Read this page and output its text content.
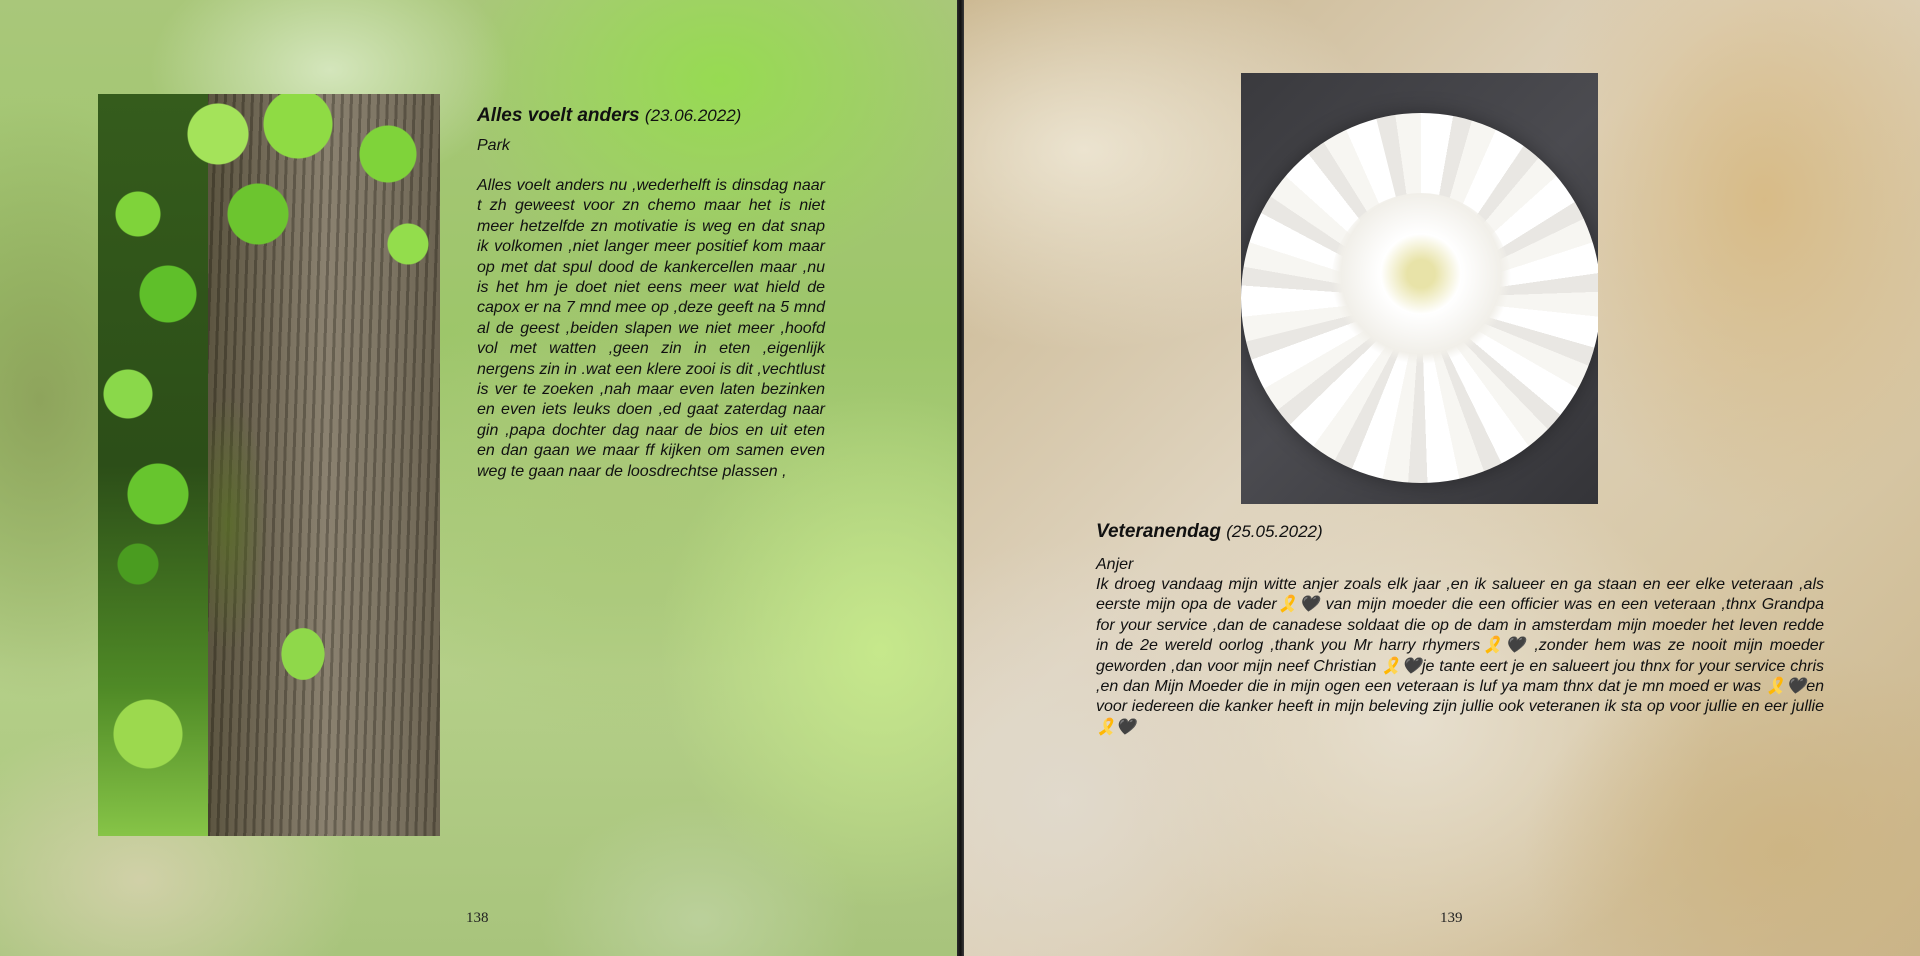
Alles voelt anders (23.06.2022)

Park

Alles voelt anders nu ,wederhelft is dinsdag naar t zh geweest voor zn chemo maar het is niet meer hetzelfde zn motivatie is weg en dat snap ik volkomen ,niet langer meer positief kom maar op met dat spul dood de kankercellen maar ,nu is het hm je doet niet eens meer wat hield de capox er na 7 mnd mee op ,deze geeft na 5 mnd al de geest ,beiden slapen we niet meer ,hoofd vol met watten ,geen zin in eten ,eigenlijk nergens zin in .wat een klere zooi is dit ,vechtlust is ver te zoeken ,nah maar even laten bezinken en even iets leuks doen ,ed gaat zaterdag naar gin ,papa dochter dag naar de bios en uit eten en dan gaan we maar ff kijken om samen even weg te gaan naar de loosdrechtse plassen ,

138

Veteranendag (25.05.2022)

Anjer

Ik droeg vandaag mijn witte anjer zoals elk jaar ,en ik salueer en ga staan en eer elke veteraan ,als eerste mijn opa de vader🎗️🖤 van mijn moeder die een officier was en een veteraan ,thnx Grandpa for your service ,dan de canadese soldaat die op de dam in amsterdam mijn moeder het leven redde in de 2e wereld oorlog ,thank you Mr harry rhymers🎗️🖤 ,zonder hem was ze nooit mijn moeder geworden ,dan voor mijn neef Christian 🎗️🖤je tante eert je en salueert jou thnx for your service chris ,en dan Mijn Moeder die in mijn ogen een veteraan is luf ya mam thnx dat je mn moed er was 🎗️🖤en voor iedereen die kanker heeft in mijn beleving zijn jullie ook veteranen ik sta op voor jullie en eer jullie 🎗️🖤

139
